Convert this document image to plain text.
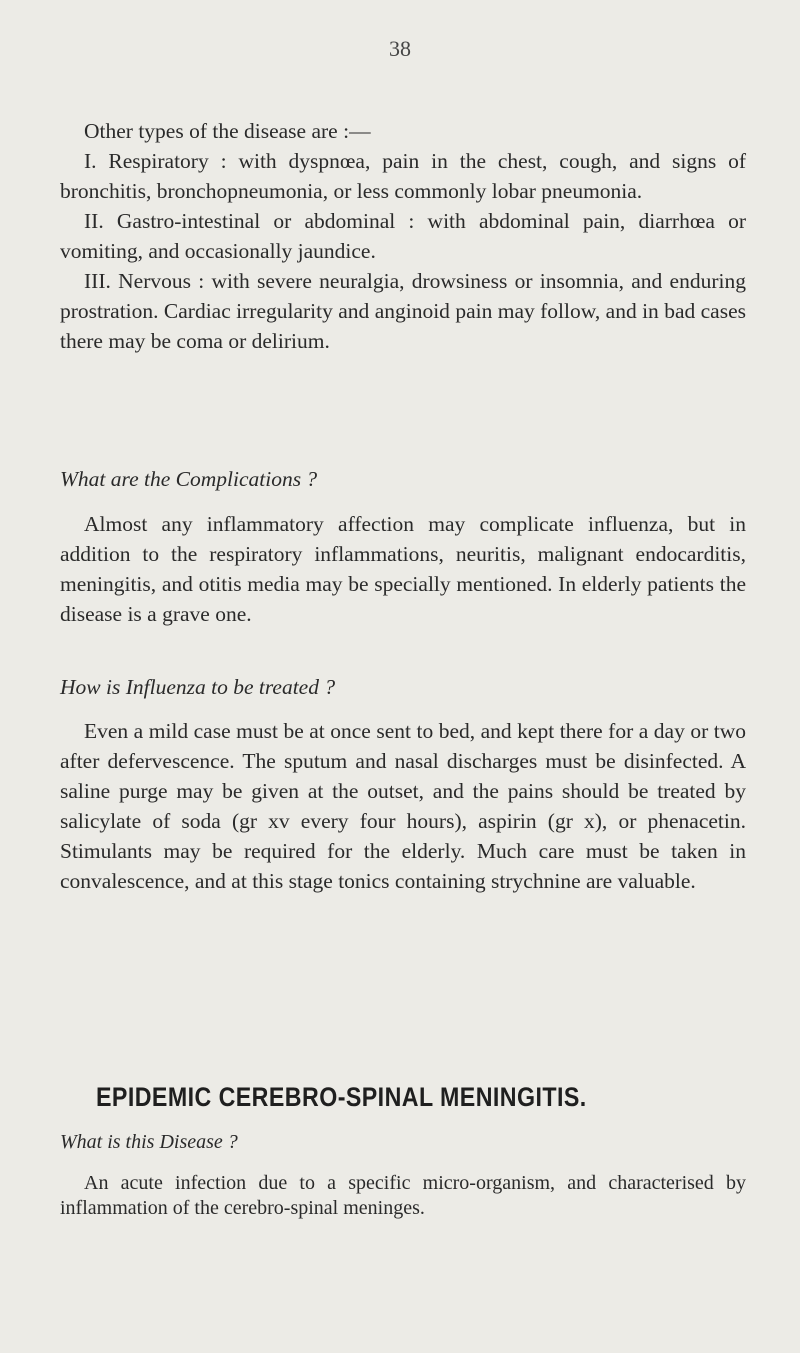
38

Other types of the disease are :—

I. Respiratory : with dyspnœa, pain in the chest, cough, and signs of bronchitis, bronchopneumonia, or less commonly lobar pneumonia.

II. Gastro-intestinal or abdominal : with abdominal pain, diarrhœa or vomiting, and occasionally jaundice.

III. Nervous : with severe neuralgia, drowsiness or insomnia, and enduring prostration. Cardiac irregularity and anginoid pain may follow, and in bad cases there may be coma or delirium.

What are the Complications ?

Almost any inflammatory affection may complicate influenza, but in addition to the respiratory inflammations, neuritis, malignant endocarditis, meningitis, and otitis media may be specially mentioned. In elderly patients the disease is a grave one.

How is Influenza to be treated ?

Even a mild case must be at once sent to bed, and kept there for a day or two after defervescence. The sputum and nasal discharges must be disinfected. A saline purge may be given at the outset, and the pains should be treated by salicylate of soda (gr xv every four hours), aspirin (gr x), or phenacetin. Stimulants may be required for the elderly. Much care must be taken in convalescence, and at this stage tonics containing strychnine are valuable.

EPIDEMIC CEREBRO-SPINAL MENINGITIS.
What is this Disease ?

An acute infection due to a specific micro-organism, and characterised by inflammation of the cerebro-spinal meninges.
